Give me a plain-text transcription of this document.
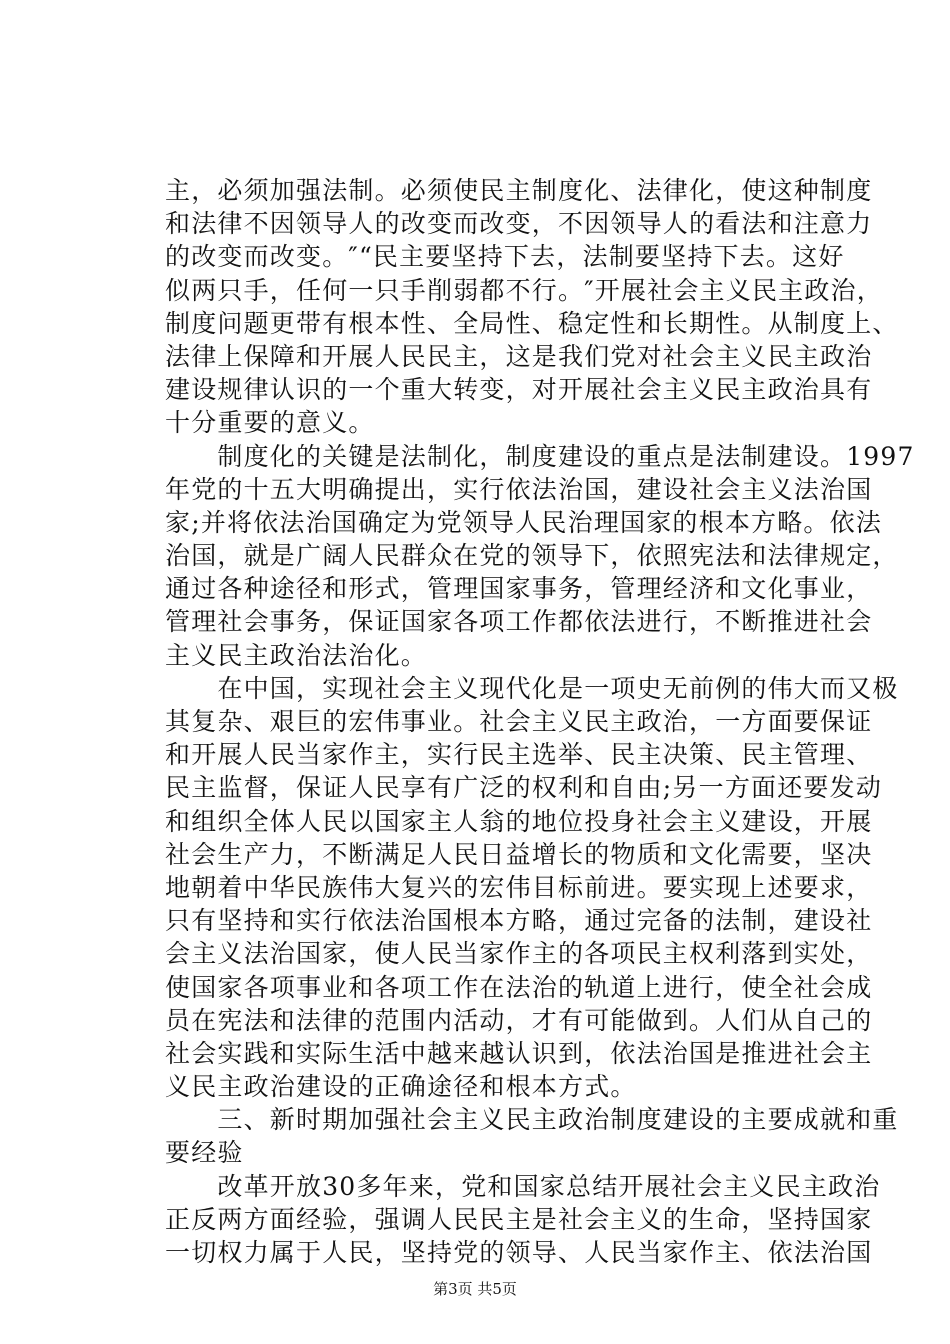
主，必须加强法制。必须使民主制度化、法律化，使这种制度
和法律不因领导人的改变而改变，不因领导人的看法和注意力
的改变而改变。″“民主要坚持下去，法制要坚持下去。这好
似两只手，任何一只手削弱都不行。″开展社会主义民主政治，
制度问题更带有根本性、全局性、稳定性和长期性。从制度上、
法律上保障和开展人民民主，这是我们党对社会主义民主政治
建设规律认识的一个重大转变，对开展社会主义民主政治具有
十分重要的意义。
　　制度化的关键是法制化，制度建设的重点是法制建设。1997
年党的十五大明确提出，实行依法治国，建设社会主义法治国
家;并将依法治国确定为党领导人民治理国家的根本方略。依法
治国，就是广阔人民群众在党的领导下，依照宪法和法律规定，
通过各种途径和形式，管理国家事务，管理经济和文化事业，
管理社会事务，保证国家各项工作都依法进行，不断推进社会
主义民主政治法治化。
　　在中国，实现社会主义现代化是一项史无前例的伟大而又极
其复杂、艰巨的宏伟事业。社会主义民主政治，一方面要保证
和开展人民当家作主，实行民主选举、民主决策、民主管理、
民主监督，保证人民享有广泛的权利和自由;另一方面还要发动
和组织全体人民以国家主人翁的地位投身社会主义建设，开展
社会生产力，不断满足人民日益增长的物质和文化需要，坚决
地朝着中华民族伟大复兴的宏伟目标前进。要实现上述要求，
只有坚持和实行依法治国根本方略，通过完备的法制，建设社
会主义法治国家，使人民当家作主的各项民主权利落到实处，
使国家各项事业和各项工作在法治的轨道上进行，使全社会成
员在宪法和法律的范围内活动，才有可能做到。人们从自己的
社会实践和实际生活中越来越认识到，依法治国是推进社会主
义民主政治建设的正确途径和根本方式。
　　三、新时期加强社会主义民主政治制度建设的主要成就和重
要经验
　　改革开放30多年来，党和国家总结开展社会主义民主政治
正反两方面经验，强调人民民主是社会主义的生命，坚持国家
一切权力属于人民，坚持党的领导、人民当家作主、依法治国
第3页 共5页
